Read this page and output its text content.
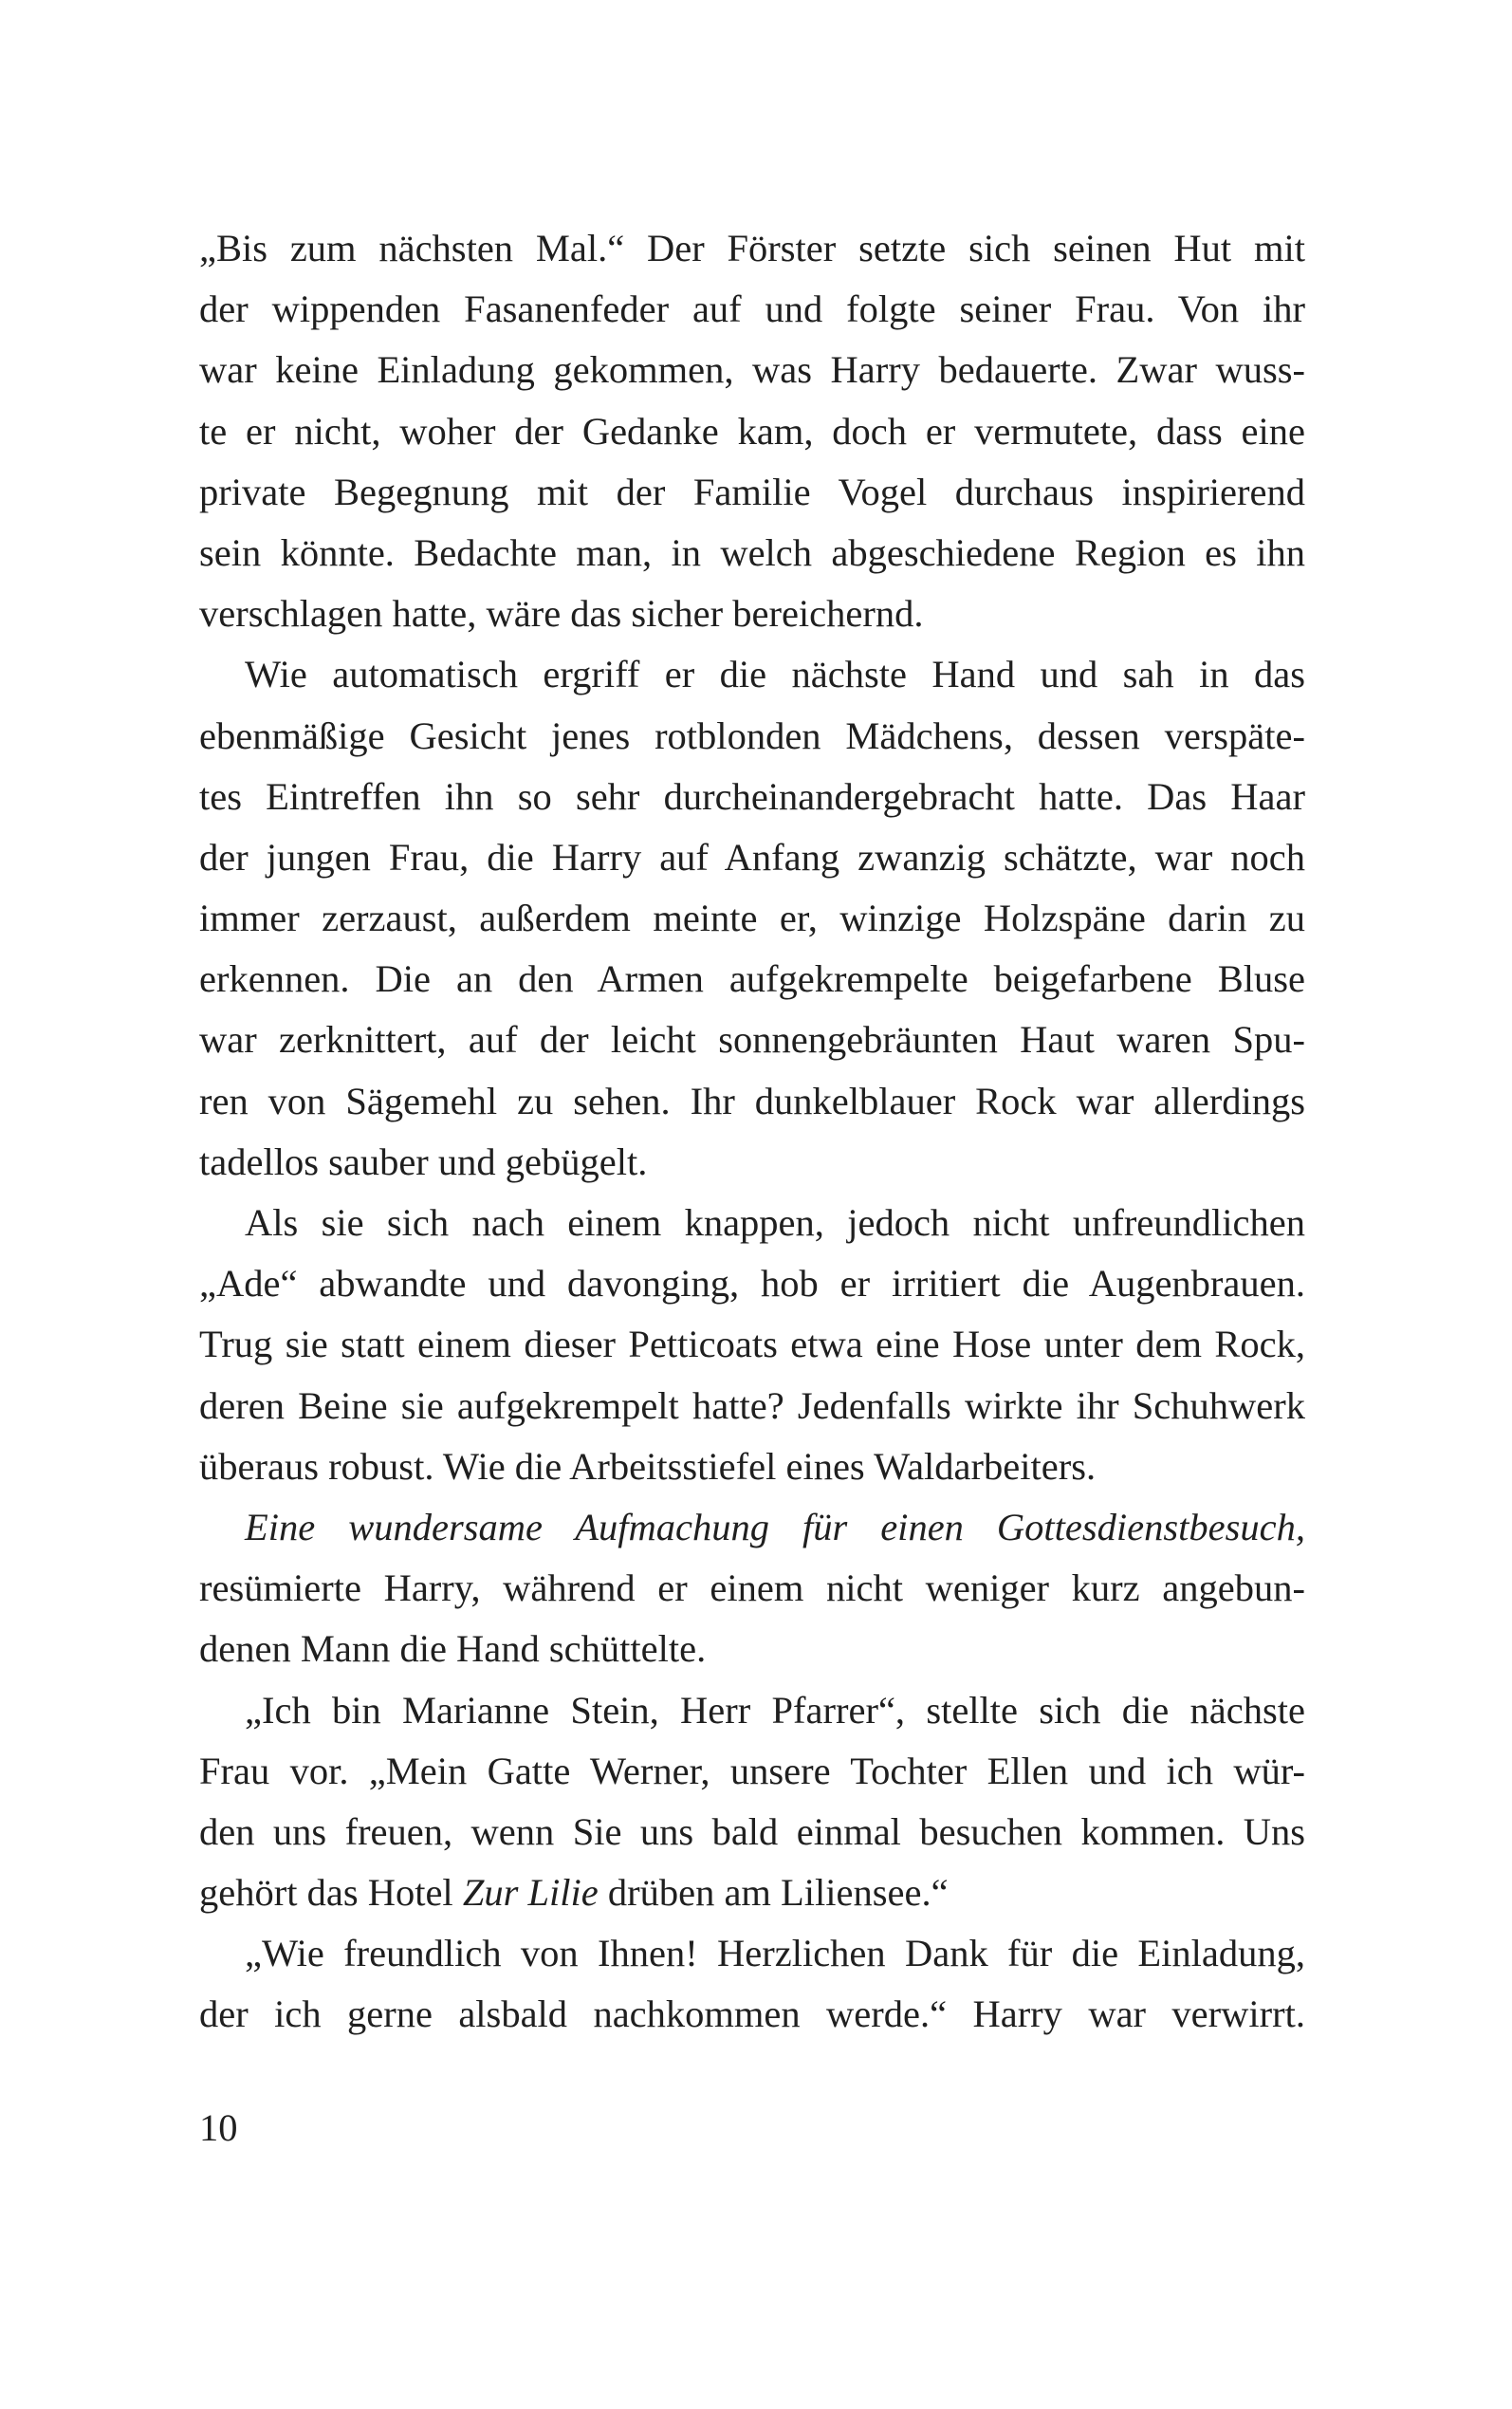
„Bis zum nächsten Mal.“ Der Förster setzte sich seinen Hut mit
der wippenden Fasanenfeder auf und folgte seiner Frau. Von ihr
war keine Einladung gekommen, was Harry bedauerte. Zwar wuss-
te er nicht, woher der Gedanke kam, doch er vermutete, dass eine
private Begegnung mit der Familie Vogel durchaus inspirierend
sein könnte. Bedachte man, in welch abgeschiedene Region es ihn
verschlagen hatte, wäre das sicher bereichernd.
Wie automatisch ergriff er die nächste Hand und sah in das
ebenmäßige Gesicht jenes rotblonden Mädchens, dessen verspäte-
tes Eintreffen ihn so sehr durcheinandergebracht hatte. Das Haar
der jungen Frau, die Harry auf Anfang zwanzig schätzte, war noch
immer zerzaust, außerdem meinte er, winzige Holzspäne darin zu
erkennen. Die an den Armen aufgekrempelte beigefarbene Bluse
war zerknittert, auf der leicht sonnengebräunten Haut waren Spu-
ren von Sägemehl zu sehen. Ihr dunkelblauer Rock war allerdings
tadellos sauber und gebügelt.
Als sie sich nach einem knappen, jedoch nicht unfreundlichen
„Ade“ abwandte und davonging, hob er irritiert die Augenbrauen.
Trug sie statt einem dieser Petticoats etwa eine Hose unter dem Rock,
deren Beine sie aufgekrempelt hatte? Jedenfalls wirkte ihr Schuhwerk
überaus robust. Wie die Arbeitsstiefel eines Waldarbeiters.
Eine wundersame Aufmachung für einen Gottesdienstbesuch,
resümierte Harry, während er einem nicht weniger kurz angebun-
denen Mann die Hand schüttelte.
„Ich bin Marianne Stein, Herr Pfarrer“, stellte sich die nächste
Frau vor. „Mein Gatte Werner, unsere Tochter Ellen und ich wür-
den uns freuen, wenn Sie uns bald einmal besuchen kommen. Uns
gehört das Hotel Zur Lilie drüben am Liliensee.“
„Wie freundlich von Ihnen! Herzlichen Dank für die Einladung,
der ich gerne alsbald nachkommen werde.“ Harry war verwirrt.
10
